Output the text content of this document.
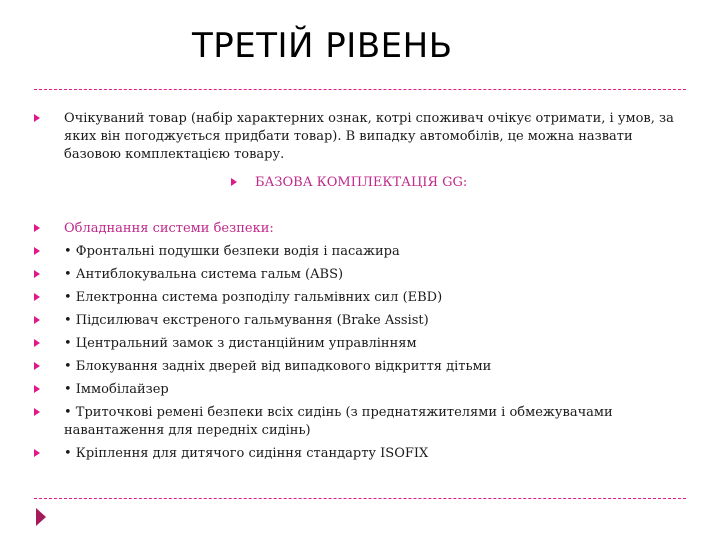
ТРЕТІЙ РІВЕНЬ
Очікуваний товар (набір характерних ознак, котрі споживач очікує отримати, і умов, за яких він погоджується придбати товар). В випадку автомобілів, це можна назвати базовою комплектацією товару.
БАЗОВА КОМПЛЕКТАЦІЯ GG:
Обладнання системи безпеки:
• Фронтальні подушки безпеки водія і пасажира
• Антиблокувальна система гальм (ABS)
• Електронна система розподілу гальмівних сил (EBD)
• Підсилювач екстреного гальмування (Brake Assist)
• Центральний замок з дистанційним управлінням
• Блокування задніх дверей від випадкового відкриття дітьми
• Іммобілайзер
• Триточкові ремені безпеки всіх сидінь (з преднатяжителями і обмежувачами навантаження для передніх сидінь)
• Кріплення для дитячого сидіння стандарту ISOFIX
